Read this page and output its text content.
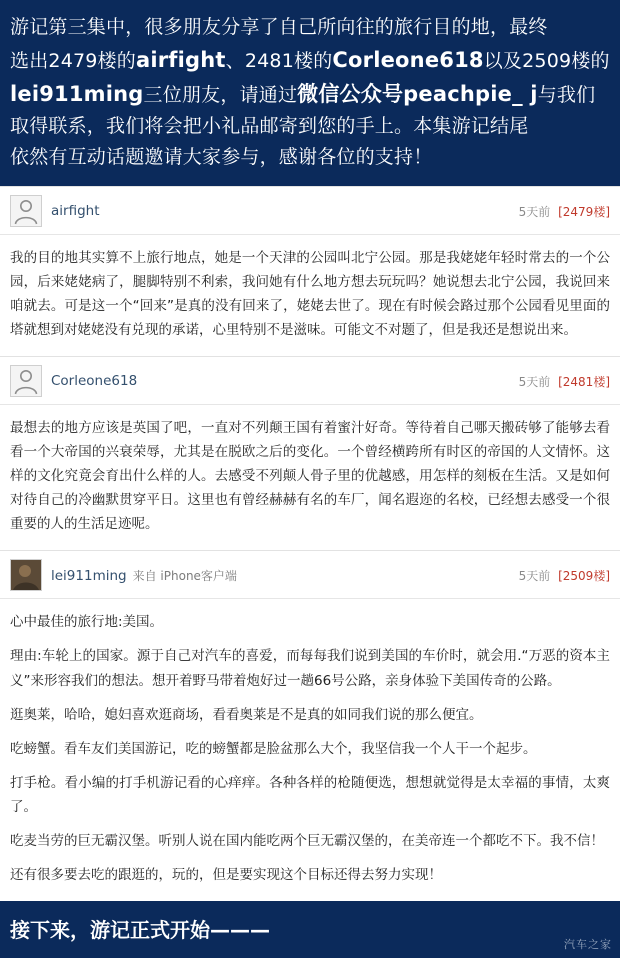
游记第三集中，很多朋友分享了自己所向往的旅行目的地，最终
选出2479楼的airfight、2481楼的Corleone618以及2509楼的
lei911ming三位朋友，请通过微信公众号peachpie_ j与我们
取得联系，我们将会把小礼品邮寄到您的手上。本集游记结尾
依然有互动话题邀请大家参与，感谢各位的支持！
airfight	5天前 [2479楼]

我的目的地其实算不上旅行地点，她是一个天津的公园叫北宁公园。那是我姥姥年轻时常去的一个公园，后来姥姥病了，腿脚特别不利索，我问她有什么地方想去玩玩吗？她说想去北宁公园，我说回来咱就去。可是这一个“回来”是真的没有回来了，姥姥去世了。现在有时候会路过那个公园看见里面的塔就想到对姥姥没有兑现的承诺，心里特别不是滋味。可能文不对题了，但是我还是想说出来。

Corleone618	5天前 [2481楼]

最想去的地方应该是英国了吧，一直对不列颠王国有着蜜汁好奇。等待着自己哪天搬砖够了能够去看看一个大帝国的兴衰荣辱，尤其是在脱欧之后的变化。一个曾经横跨所有时区的帝国的人文情怀。这样的文化究竟会育出什么样的人。去感受不列颠人骨子里的优越感，用怎样的刻板在生活。又是如何对待自己的冷幽默贯穿平日。这里也有曾经赫赫有名的车厂，闻名遐迩的名校，已经想去感受一个很重要的人的生活足迹呢。

lei911ming 来自 iPhone客户端	5天前 [2509楼]

心中最佳的旅行地:美国。

理由:车轮上的国家。源于自己对汽车的喜爱，而每每我们说到美国的车价时，就会用.“万恶的资本主义”来形容我们的想法。想开着野马带着炮好过一趟66号公路，亲身体验下美国传奇的公路。

逛奥莱，哈哈，媳妇喜欢逛商场，看看奥莱是不是真的如同我们说的那么便宜。

吃螃蟹。看车友们美国游记，吃的螃蟹都是脸盆那么大个，我坚信我一个人干一个起步。

打手枪。看小编的打手机游记看的心痒痒。各种各样的枪随便选，想想就觉得是太幸福的事情，太爽了。

吃麦当劳的巨无霸汉堡。听别人说在国内能吃两个巨无霸汉堡的，在美帝连一个都吃不下。我不信！

还有很多要去吃的跟逛的，玩的，但是要实现这个目标还得去努力实现！

接下来，游记正式开始———
汽车之家
